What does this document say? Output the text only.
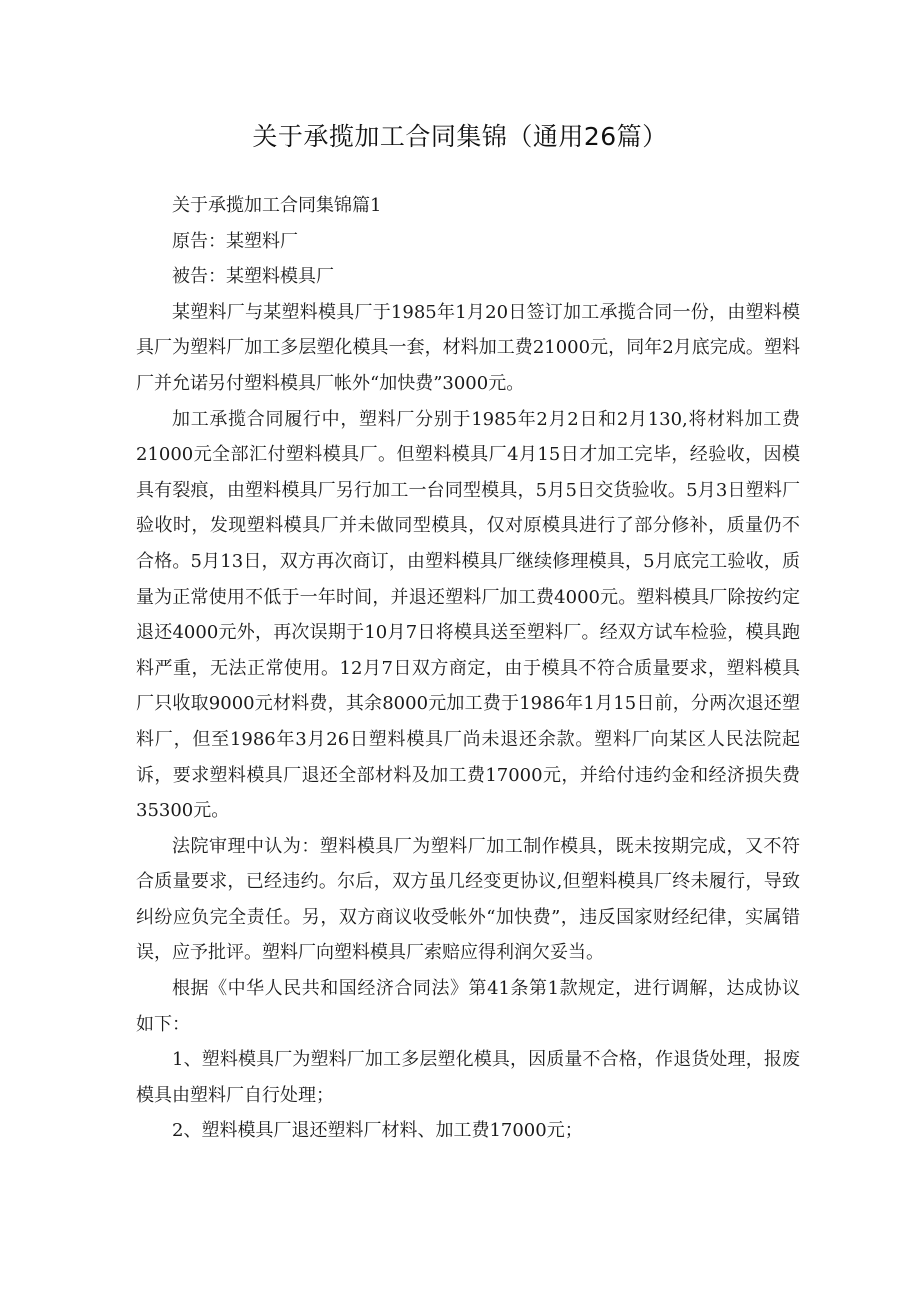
关于承揽加工合同集锦（通用26篇）

关于承揽加工合同集锦篇1

原告：某塑料厂

被告：某塑料模具厂

某塑料厂与某塑料模具厂于1985年1月20日签订加工承揽合同一份，由塑料模具厂为塑料厂加工多层塑化模具一套，材料加工费21000元，同年2月底完成。塑料厂并允诺另付塑料模具厂帐外“加快费”3000元。

加工承揽合同履行中，塑料厂分别于1985年2月2日和2月130,将材料加工费21000元全部汇付塑料模具厂。但塑料模具厂4月15日才加工完毕，经验收，因模具有裂痕，由塑料模具厂另行加工一台同型模具，5月5日交货验收。5月3日塑料厂验收时，发现塑料模具厂并未做同型模具，仅对原模具进行了部分修补，质量仍不合格。5月13日，双方再次商订，由塑料模具厂继续修理模具，5月底完工验收，质量为正常使用不低于一年时间，并退还塑料厂加工费4000元。塑料模具厂除按约定退还4000元外，再次误期于10月7日将模具送至塑料厂。经双方试车检验，模具跑料严重，无法正常使用。12月7日双方商定，由于模具不符合质量要求，塑料模具厂只收取9000元材料费，其余8000元加工费于1986年1月15日前，分两次退还塑料厂，但至1986年3月26日塑料模具厂尚未退还余款。塑料厂向某区人民法院起诉，要求塑料模具厂退还全部材料及加工费17000元，并给付违约金和经济损失费35300元。

法院审理中认为：塑料模具厂为塑料厂加工制作模具，既未按期完成，又不符合质量要求，已经违约。尔后，双方虽几经变更协议,但塑料模具厂终未履行，导致纠纷应负完全责任。另，双方商议收受帐外“加快费”，违反国家财经纪律，实属错误，应予批评。塑料厂向塑料模具厂索赔应得利润欠妥当。

根据《中华人民共和国经济合同法》第41条第1款规定，进行调解，达成协议如下：

1、塑料模具厂为塑料厂加工多层塑化模具，因质量不合格，作退货处理，报废模具由塑料厂自行处理；

2、塑料模具厂退还塑料厂材料、加工费17000元；
